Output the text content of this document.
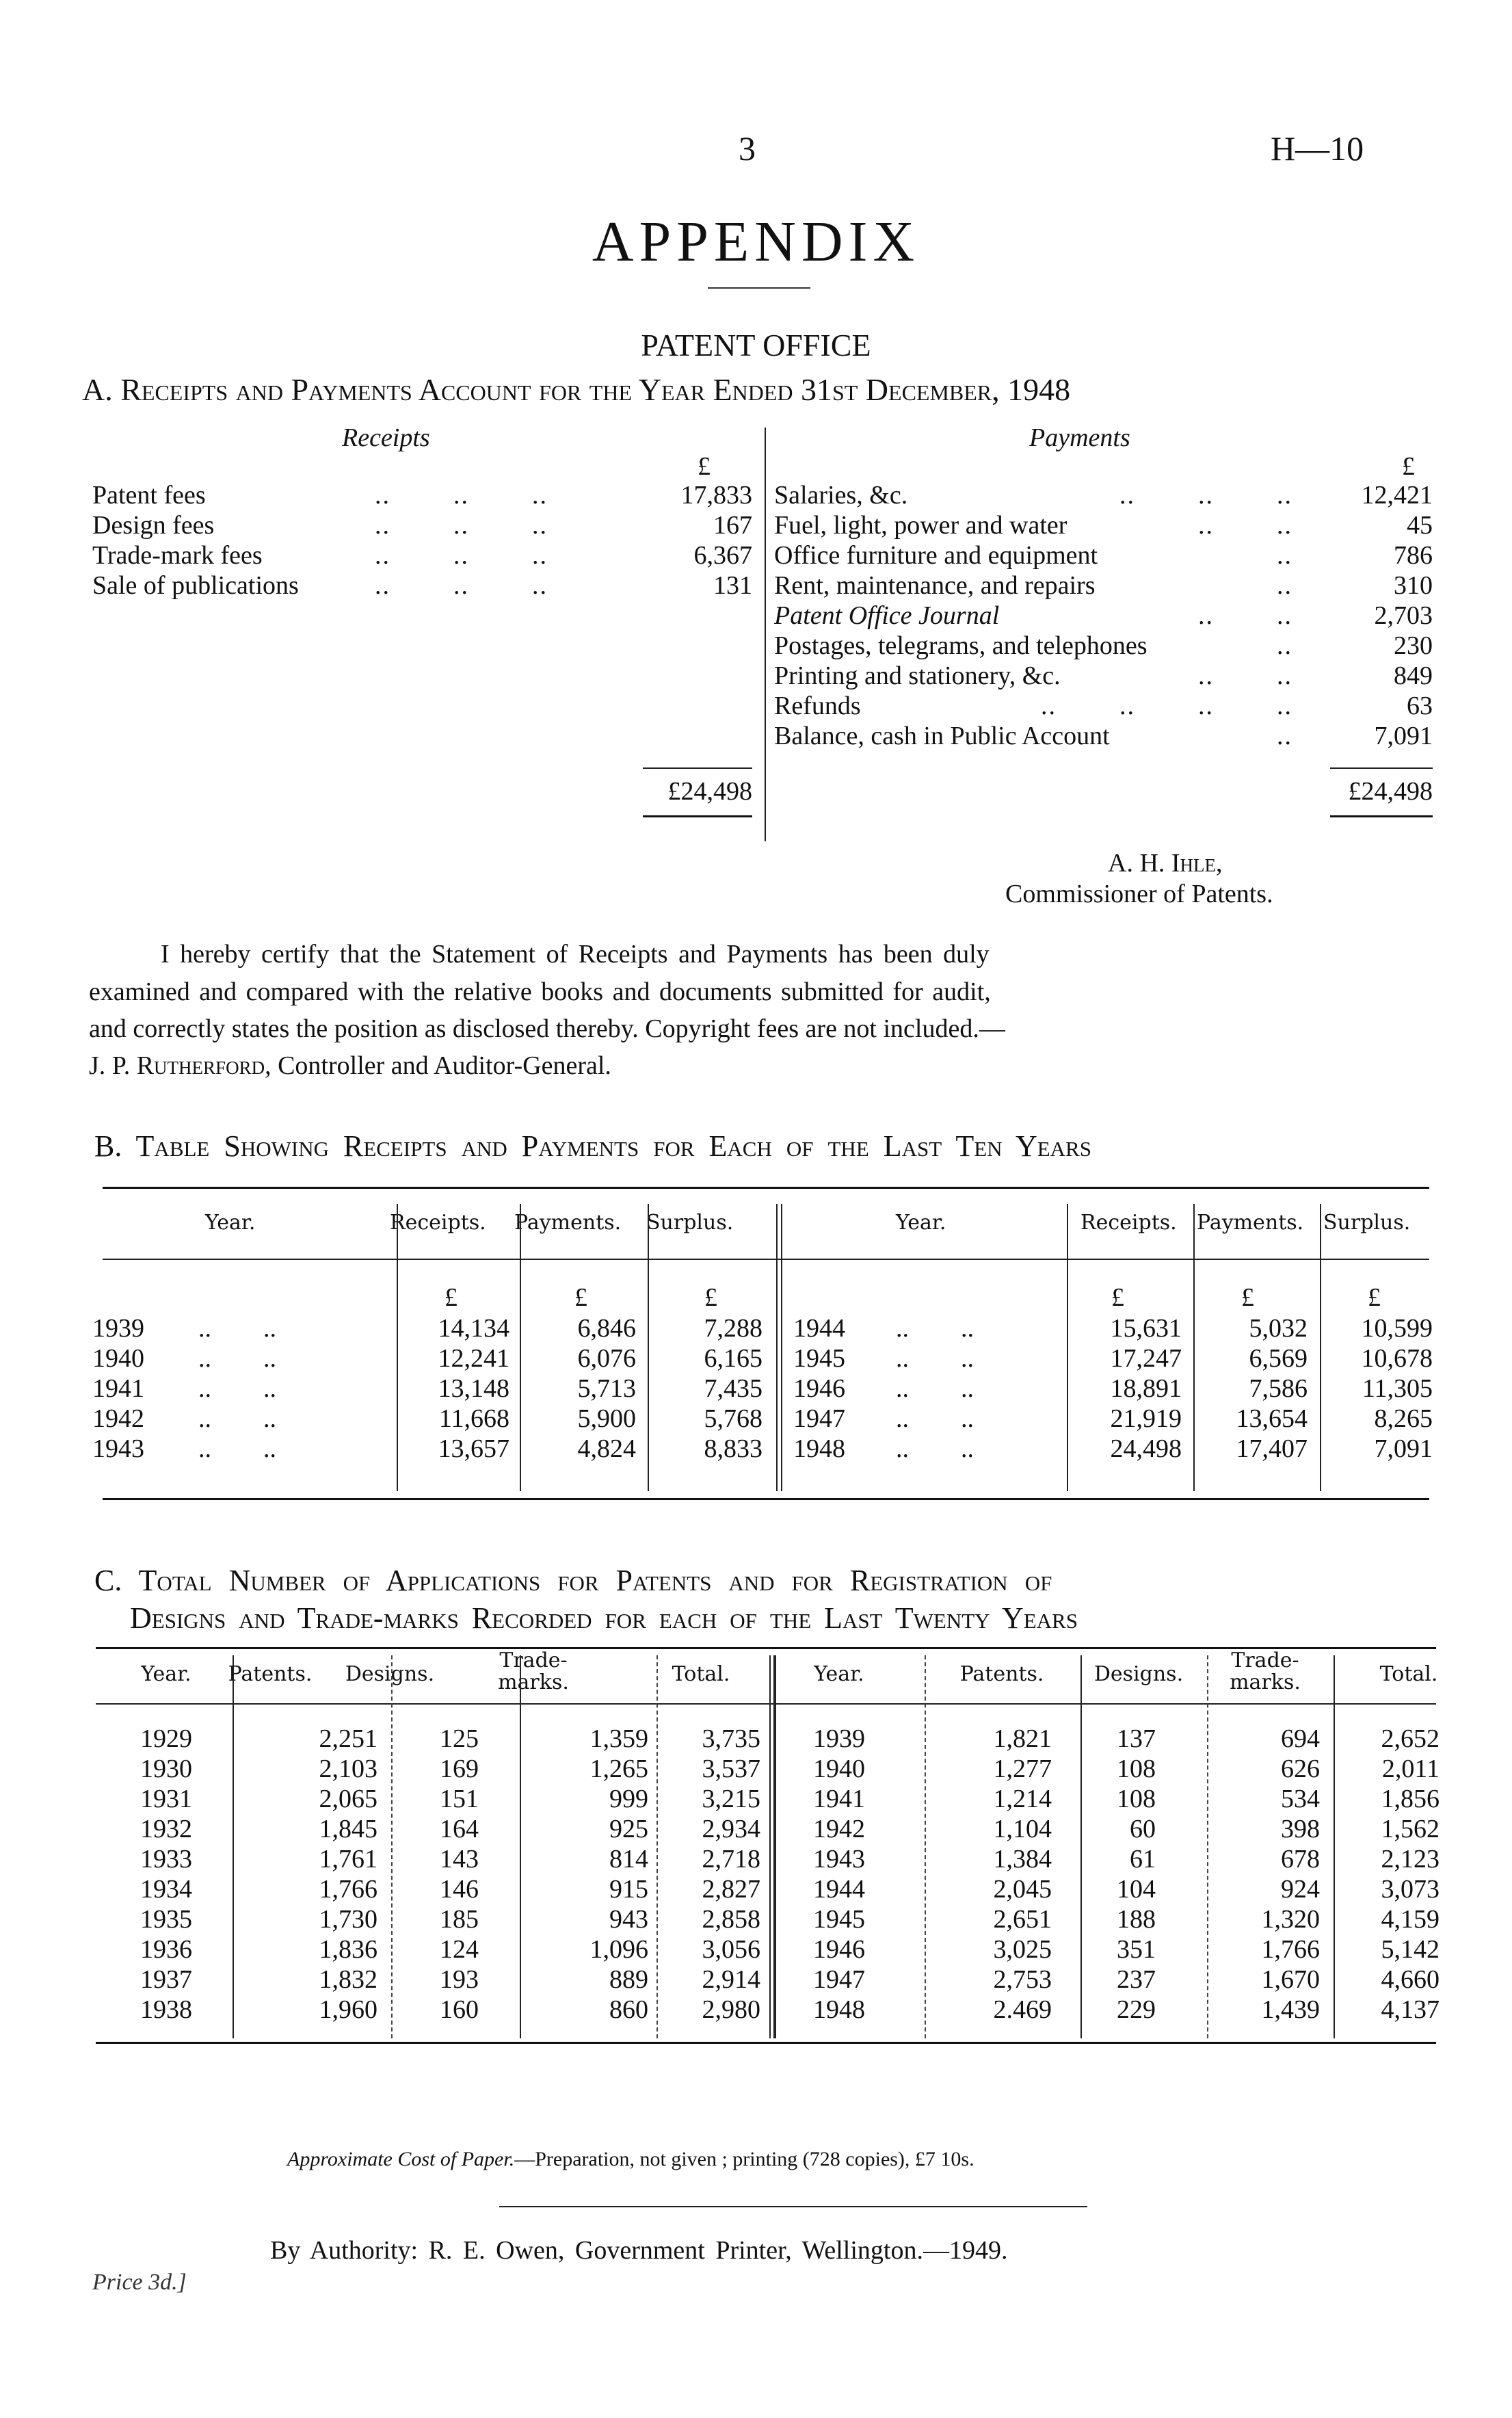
3	H—10
APPENDIX
PATENT OFFICE
A. Receipts and Payments Account for the Year Ended 31st December, 1948
Receipts	Payments
£	£
Patent fees	..        ..        ..	17,833
Design fees	..        ..        ..	167
Trade-mark fees	..        ..        ..	6,367
Sale of publications	..        ..        ..	131
Salaries, &c.	..        ..        ..	12,421
Fuel, light, power and water	..        ..	45
Office furniture and equipment	..	786
Rent, maintenance, and repairs	..	310
Patent Office Journal	..        ..	2,703
Postages, telegrams, and telephones	..	230
Printing and stationery, &c.	..        ..	849
Refunds	..        ..        ..        ..	63
Balance, cash in Public Account	..	7,091
£24,498	£24,498
A. H. Ihle,
Commissioner of Patents.
I hereby certify that the Statement of Receipts and Payments has been duly
examined and compared with the relative books and documents submitted for audit,
and correctly states the position as disclosed thereby. Copyright fees are not included.—
J. P. Rutherford, Controller and Auditor-General.
B. Table Showing Receipts and Payments for Each of the Last Ten Years
Year.	Receipts. Payments. Surplus.	Year.	Receipts. Payments. Surplus.
£	£	£	£	£	£
1939 ..        ..	14,134	6,846	7,288
1940 ..        ..	12,241	6,076	6,165
1941 ..        ..	13,148	5,713	7,435
1942 ..        ..	11,668	5,900	5,768
1943 ..        ..	13,657	4,824	8,833
1944 ..        ..	15,631	5,032	10,599
1945 ..        ..	17,247	6,569	10,678
1946 ..        ..	18,891	7,586	11,305
1947 ..        ..	21,919	13,654	8,265
1948 ..        ..	24,498	17,407	7,091
C. Total Number of Applications for Patents and for Registration of
Designs and Trade-marks Recorded for each of the Last Twenty Years
Year.	Patents.	Designs.
Trade-
marks.	Total.	Year.	Patents.	Designs.
Trade-
marks.	Total.
1929	2,251	125	1,359	3,735
1930	2,103	169	1,265	3,537
1931	2,065	151	999	3,215
1932	1,845	164	925	2,934
1933	1,761	143	814	2,718
1934	1,766	146	915	2,827
1935	1,730	185	943	2,858
1936	1,836	124	1,096	3,056
1937	1,832	193	889	2,914
1938	1,960	160	860	2,980
1939	1,821	137	694	2,652
1940	1,277	108	626	2,011
1941	1,214	108	534	1,856
1942	1,104	60	398	1,562
1943	1,384	61	678	2,123
1944	2,045	104	924	3,073
1945	2,651	188	1,320	4,159
1946	3,025	351	1,766	5,142
1947	2,753	237	1,670	4,660
1948	2.469	229	1,439	4,137
Approximate Cost of Paper.—Preparation, not given ; printing (728 copies), £7 10s.
By Authority: R. E. Owen, Government Printer, Wellington.—1949.
Price 3d.]
